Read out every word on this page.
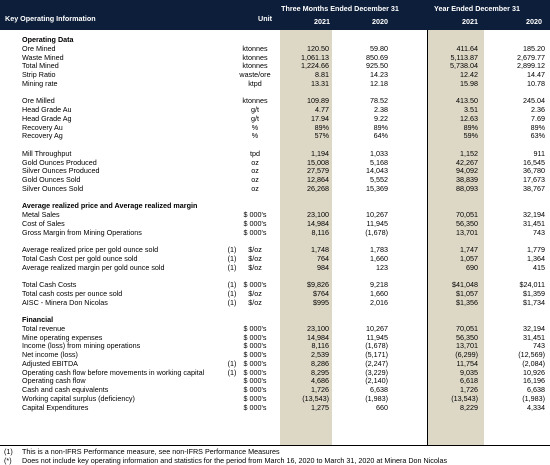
Key Operating Information	Unit
Three Months Ended December 31	Year Ended December 31
2021	2020	2021	2020
Operating Data
Ore Mined	ktonnes	120.50	59.80	411.64	185.20
Waste Mined	ktonnes	1,061.13	850.69	5,113.87	2,679.77
Total Mined	ktonnes	1,224.66	925.50	5,738.04	2,899.12
Strip Ratio	waste/ore	8.81	14.23	12.42	14.47
Mining rate	ktpd	13.31	12.18	15.98	10.78
Ore Milled	ktonnes	109.89	78.52	413.50	245.04
Head Grade Au	g/t	4.77	2.38	3.51	2.36
Head Grade Ag	g/t	17.94	9.22	12.63	7.69
Recovery Au	%	89%	89%	89%	89%
Recovery Ag	%	57%	64%	59%	63%
Mill Throughput	tpd	1,194	1,033	1,152	911
Gold Ounces Produced	oz	15,008	5,168	42,267	16,545
Silver Ounces Produced	oz	27,579	14,043	94,092	36,780
Gold Ounces Sold	oz	12,864	5,552	38,839	17,673
Silver Ounces Sold	oz	26,268	15,369	88,093	38,767
Average realized price and Average realized margin
Metal Sales	$ 000's	23,100	10,267	70,051	32,194
Cost of Sales	$ 000's	14,984	11,945	56,350	31,451
Gross Margin from Mining Operations	$ 000's	8,116	(1,678)	13,701	743
Average realized price per gold ounce sold	(1)	$/oz	1,748	1,783	1,747	1,779
Total Cash Cost per gold ounce sold	(1)	$/oz	764	1,660	1,057	1,364
Average realized margin per gold ounce sold	(1)	$/oz	984	123	690	415
Total Cash Costs	(1) $ 000's	$9,826	9,218	$41,048	$24,011
Total cash costs per ounce sold	(1)	$/oz	$764	1,660	$1,057	$1,359
AISC - Minera Don Nicolas	(1)	$/oz	$995	2,016	$1,356	$1,734
Financial
Total revenue	$ 000's	23,100	10,267	70,051	32,194
Mine operating expenses	$ 000's	14,984	11,945	56,350	31,451
Income (loss) from mining operations	$ 000's	8,116	(1,678)	13,701	743
Net income (loss)	$ 000's	2,539	(5,171)	(6,299)	(12,569)
Adjusted EBITDA	(1) $ 000's	8,286	(2,247)	11,754	(2,084)
Operating cash flow before movements in working capital	(1) $ 000's	8,295	(3,229)	9,035	10,926
Operating cash flow	$ 000's	4,686	(2,140)	6,618	16,196
Cash and cash equivalents	$ 000's	1,726	6,638	1,726	6,638
Working capital surplus (deficiency)	$ 000's	(13,543)	(1,983)	(13,543)	(1,983)
Capital Expenditures	$ 000's	1,275	660	8,229	4,334
(1) This is a non-IFRS Performance measure, see non-IFRS Performance Measures
(*) Does not include key operating information and statistics for the period from March 16, 2020 to March 31, 2020 at Minera Don Nicolas
